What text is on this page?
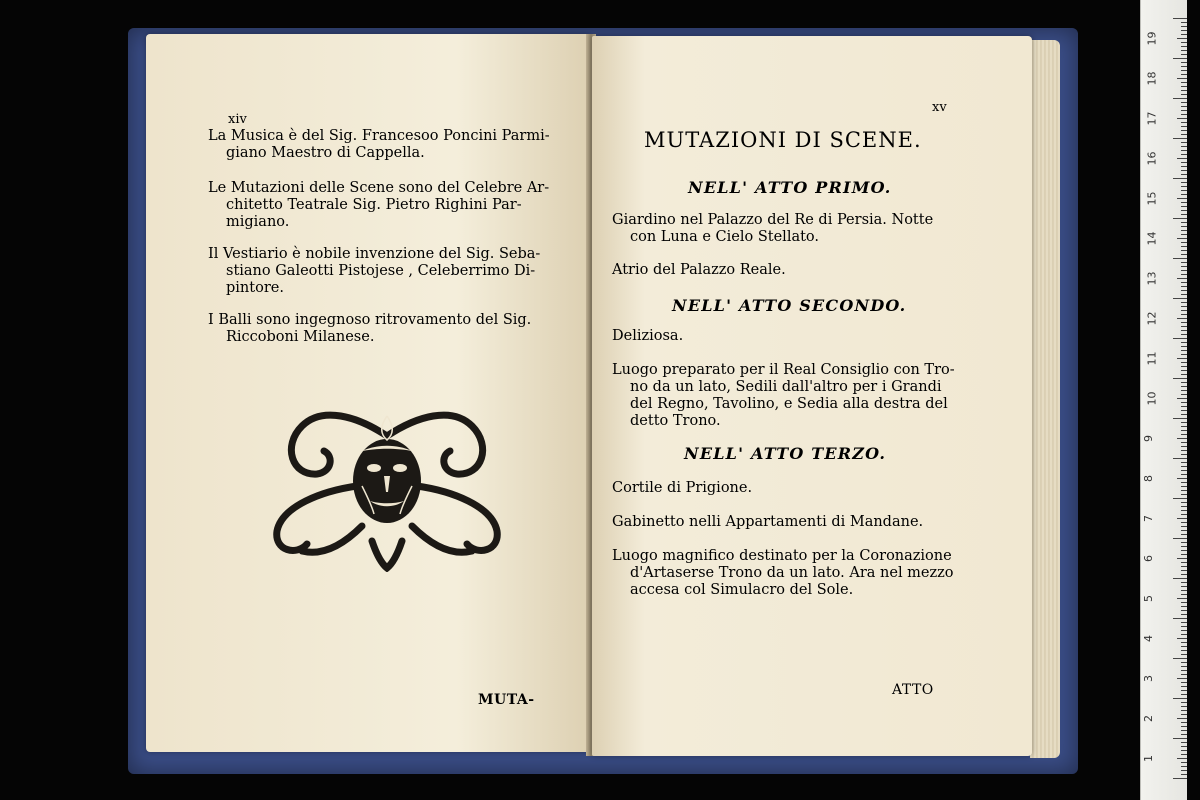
xiv
La Musica è del Sig. Francesoo Poncini Parmi-
giano Maestro di Cappella.
Le Mutazioni delle Scene sono del Celebre Ar-
chitetto Teatrale Sig. Pietro Righini Par-
migiano.
Il Vestiario è nobile invenzione del Sig. Seba-
stiano Galeotti Pistojese , Celeberrimo Di-
pintore.
I Balli sono ingegnoso ritrovamento del Sig.
Riccoboni Milanese.
MUTA-
xv
MUTAZIONI DI SCENE.
NELL' ATTO PRIMO.
Giardino nel Palazzo del Re di Persia. Notte
con Luna e Cielo Stellato.
Atrio del Palazzo Reale.
NELL' ATTO SECONDO.
Deliziosa.
Luogo preparato per il Real Consiglio con Tro-
no da un lato, Sedili dall'altro per i Grandi
del Regno, Tavolino, e Sedia alla destra del
detto Trono.
NELL' ATTO TERZO.
Cortile di Prigione.
Gabinetto nelli Appartamenti di Mandane.
Luogo magnifico destinato per la Coronazione
d'Artaserse Trono da un lato. Ara nel mezzo
accesa col Simulacro del Sole.
ATTO
1
2
3
4
5
6
7
8
9
10
11
12
13
14
15
16
17
18
19
